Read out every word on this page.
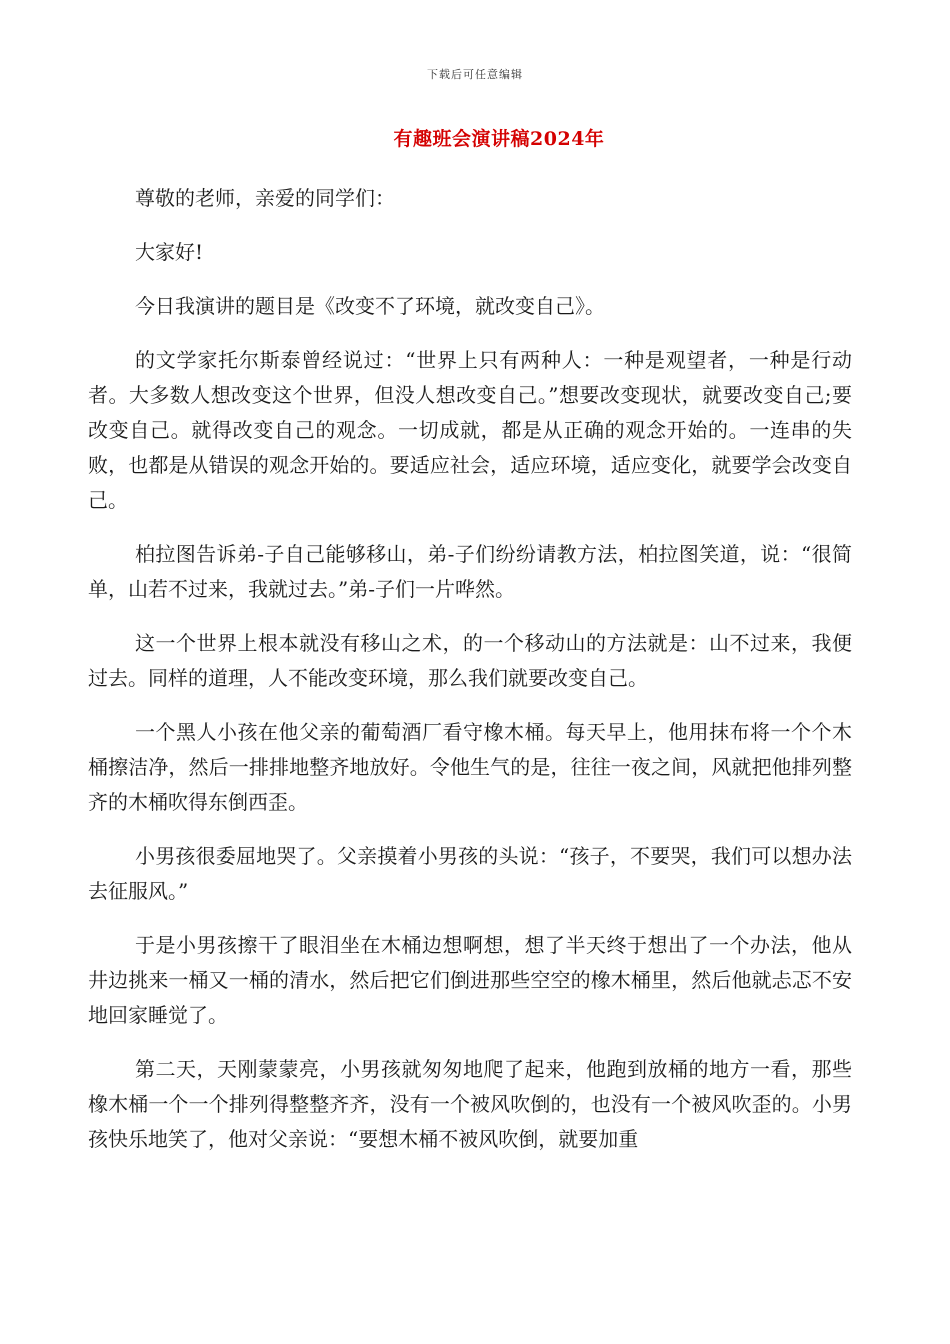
下载后可任意编辑
有趣班会演讲稿2024年

尊敬的老师，亲爱的同学们：

大家好!

今日我演讲的题目是《改变不了环境，就改变自己》。

的文学家托尔斯泰曾经说过：“世界上只有两种人：一种是观望者，一种是行动者。大多数人想改变这个世界，但没人想改变自己。”想要改变现状，就要改变自己;要改变自己。就得改变自己的观念。一切成就，都是从正确的观念开始的。一连串的失败，也都是从错误的观念开始的。要适应社会，适应环境，适应变化，就要学会改变自己。

柏拉图告诉弟-子自己能够移山，弟-子们纷纷请教方法，柏拉图笑道，说：“很简单，山若不过来，我就过去。”弟-子们一片哗然。

这一个世界上根本就没有移山之术，的一个移动山的方法就是：山不过来，我便过去。同样的道理，人不能改变环境，那么我们就要改变自己。

一个黑人小孩在他父亲的葡萄酒厂看守橡木桶。每天早上，他用抹布将一个个木桶擦洁净，然后一排排地整齐地放好。令他生气的是，往往一夜之间，风就把他排列整齐的木桶吹得东倒西歪。

小男孩很委屈地哭了。父亲摸着小男孩的头说：“孩子，不要哭，我们可以想办法去征服风。”

于是小男孩擦干了眼泪坐在木桶边想啊想，想了半天终于想出了一个办法，他从井边挑来一桶又一桶的清水，然后把它们倒进那些空空的橡木桶里，然后他就忐忑不安地回家睡觉了。

第二天，天刚蒙蒙亮，小男孩就匆匆地爬了起来，他跑到放桶的地方一看，那些橡木桶一个一个排列得整整齐齐，没有一个被风吹倒的，也没有一个被风吹歪的。小男孩快乐地笑了，他对父亲说：“要想木桶不被风吹倒，就要加重
